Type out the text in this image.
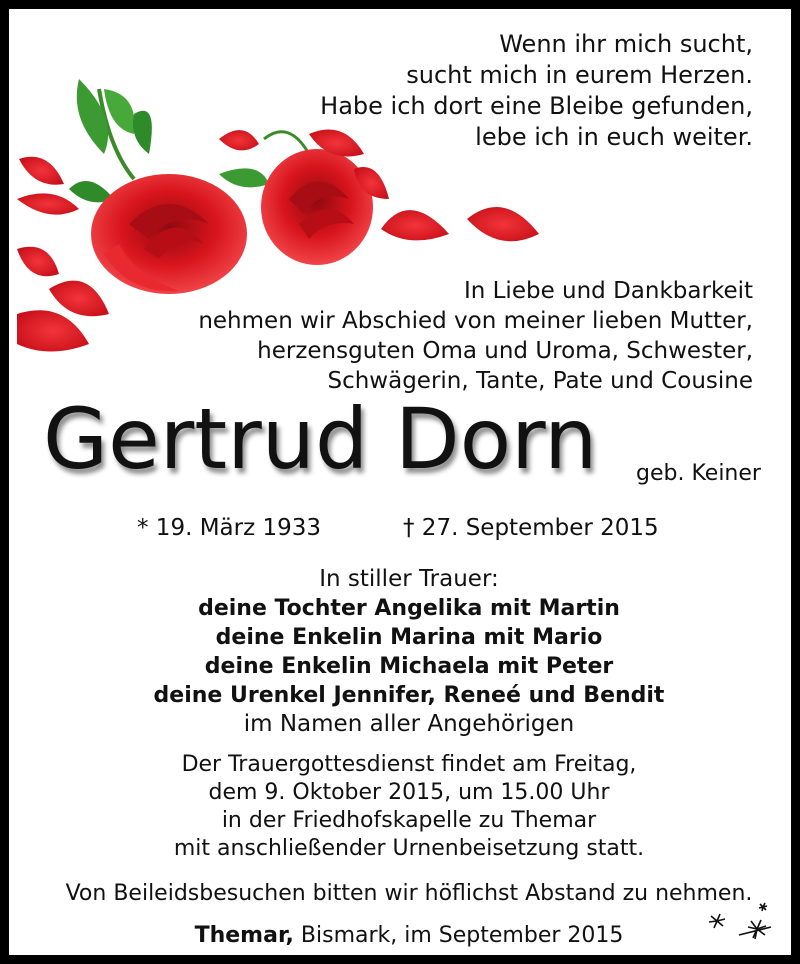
Wenn ihr mich sucht,
sucht mich in eurem Herzen.
Habe ich dort eine Bleibe gefunden,
lebe ich in euch weiter.
In Liebe und Dankbarkeit
nehmen wir Abschied von meiner lieben Mutter,
herzensguten Oma und Uroma, Schwester,
Schwägerin, Tante, Pate und Cousine
Gertrud Dorn geb. Keiner
* 19. März 1933	† 27. September 2015
In stiller Trauer:
deine Tochter Angelika mit Martin
deine Enkelin Marina mit Mario
deine Enkelin Michaela mit Peter
deine Urenkel Jennifer, Reneé und Bendit
im Namen aller Angehörigen
Der Trauergottesdienst findet am Freitag,
dem 9. Oktober 2015, um 15.00 Uhr
in der Friedhofskapelle zu Themar
mit anschließender Urnenbeisetzung statt.
Von Beileidsbesuchen bitten wir höflichst Abstand zu nehmen.
Themar, Bismark, im September 2015
